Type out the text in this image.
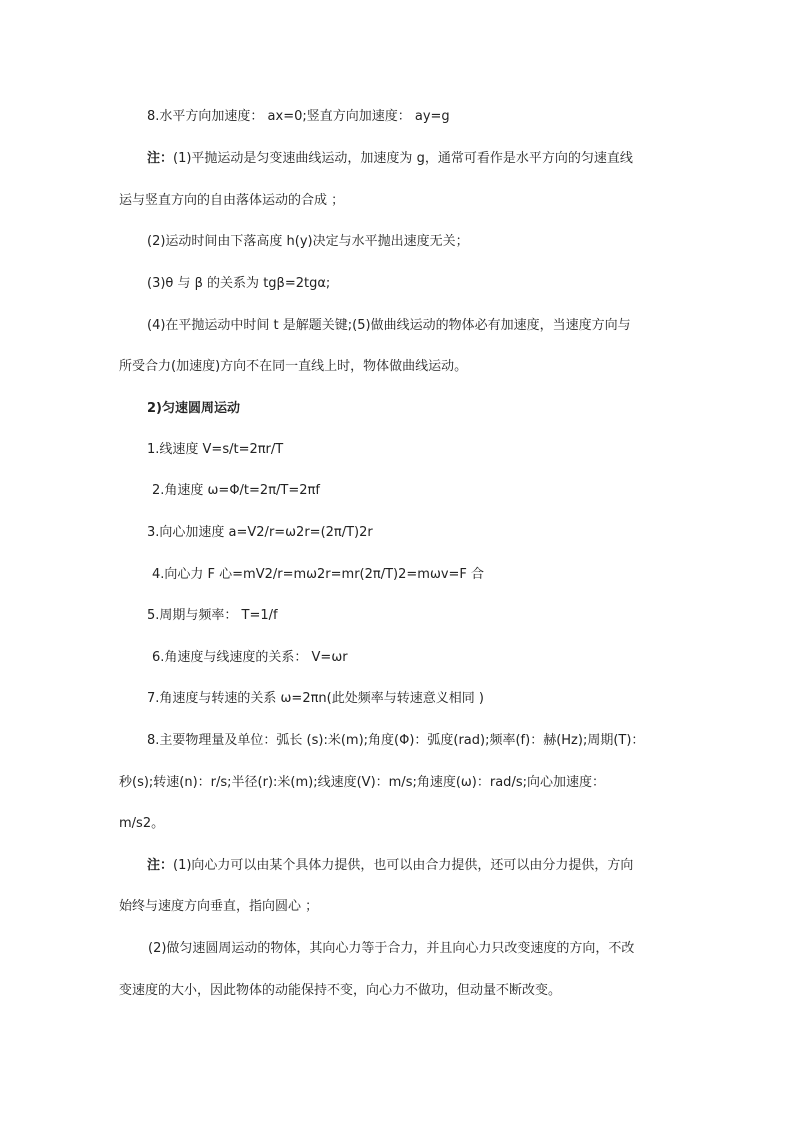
8.水平方向加速度： ax=0;竖直方向加速度： ay=g
注：(1)平抛运动是匀变速曲线运动，加速度为 g，通常可看作是水平方向的匀速直线
运与竖直方向的自由落体运动的合成 ；
(2)运动时间由下落高度 h(y)决定与水平抛出速度无关；
(3)θ 与 β 的关系为 tgβ=2tgα;
(4)在平抛运动中时间 t 是解题关键;(5)做曲线运动的物体必有加速度，当速度方向与
所受合力(加速度)方向不在同一直线上时，物体做曲线运动。
2)匀速圆周运动
1.线速度 V=s/t=2πr/T
2.角速度 ω=Φ/t=2π/T=2πf
3.向心加速度 a=V2/r=ω2r=(2π/T)2r
4.向心力 F 心=mV2/r=mω2r=mr(2π/T)2=mωv=F 合
5.周期与频率： T=1/f
6.角速度与线速度的关系： V=ωr
7.角速度与转速的关系 ω=2πn(此处频率与转速意义相同 )
8.主要物理量及单位：弧长 (s):米(m);角度(Φ)：弧度(rad);频率(f)：赫(Hz);周期(T)：
秒(s);转速(n)：r/s;半径(r):米(m);线速度(V)：m/s;角速度(ω)：rad/s;向心加速度：
m/s2。
注：(1)向心力可以由某个具体力提供，也可以由合力提供，还可以由分力提供，方向
始终与速度方向垂直，指向圆心 ；
(2)做匀速圆周运动的物体，其向心力等于合力，并且向心力只改变速度的方向，不改
变速度的大小，因此物体的动能保持不变，向心力不做功，但动量不断改变。
